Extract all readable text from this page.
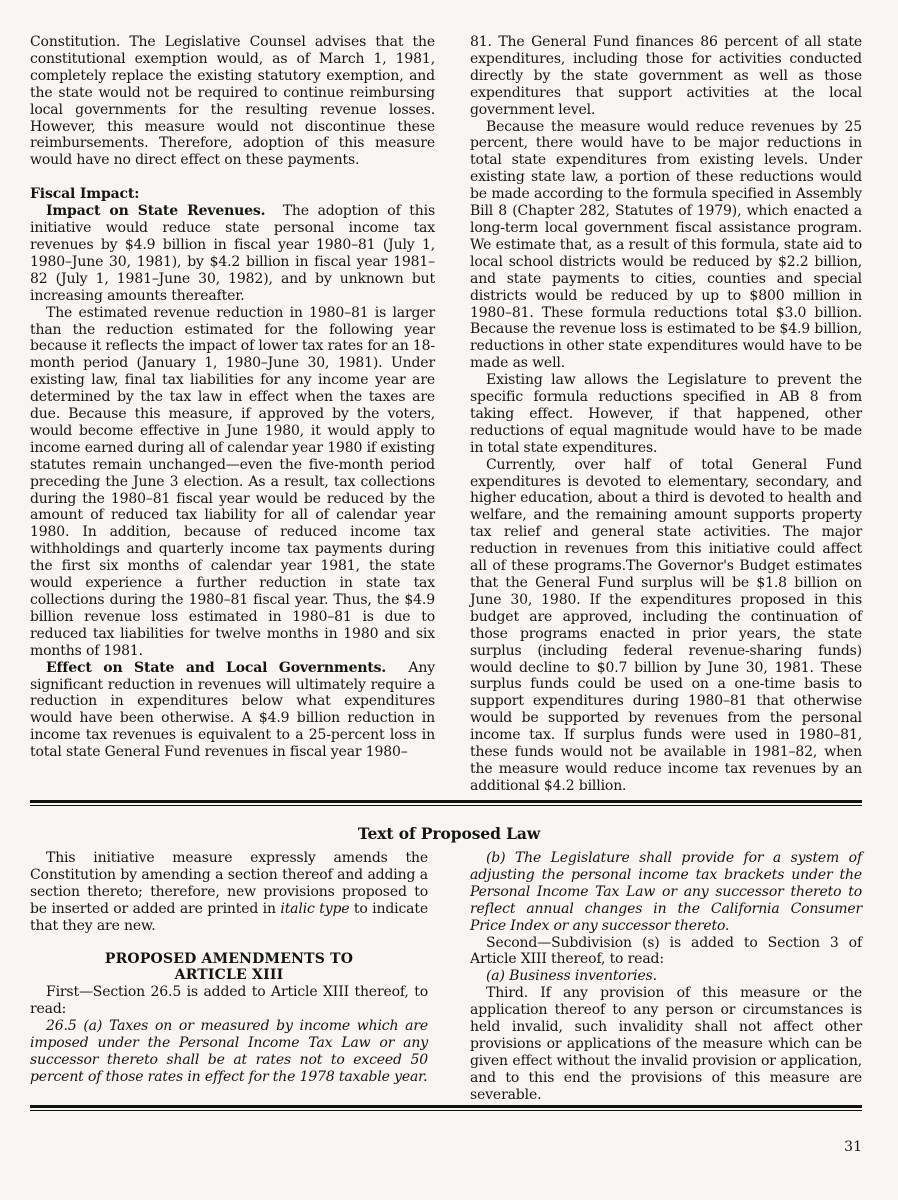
Constitution. The Legislative Counsel advises that the constitutional exemption would, as of March 1, 1981, completely replace the existing statutory exemption, and the state would not be required to continue reimbursing local governments for the resulting revenue losses. However, this measure would not discontinue these reimbursements. Therefore, adoption of this measure would have no direct effect on these payments.

Fiscal Impact:

Impact on State Revenues. The adoption of this initiative would reduce state personal income tax revenues by $4.9 billion in fiscal year 1980–81 (July 1, 1980–June 30, 1981), by $4.2 billion in fiscal year 1981–82 (July 1, 1981–June 30, 1982), and by unknown but increasing amounts thereafter.

The estimated revenue reduction in 1980–81 is larger than the reduction estimated for the following year because it reflects the impact of lower tax rates for an 18-month period (January 1, 1980–June 30, 1981). Under existing law, final tax liabilities for any income year are determined by the tax law in effect when the taxes are due. Because this measure, if approved by the voters, would become effective in June 1980, it would apply to income earned during all of calendar year 1980 if existing statutes remain unchanged—even the five-month period preceding the June 3 election. As a result, tax collections during the 1980–81 fiscal year would be reduced by the amount of reduced tax liability for all of calendar year 1980. In addition, because of reduced income tax withholdings and quarterly income tax payments during the first six months of calendar year 1981, the state would experience a further reduction in state tax collections during the 1980–81 fiscal year. Thus, the $4.9 billion revenue loss estimated in 1980–81 is due to reduced tax liabilities for twelve months in 1980 and six months of 1981.

Effect on State and Local Governments. Any significant reduction in revenues will ultimately require a reduction in expenditures below what expenditures would have been otherwise. A $4.9 billion reduction in income tax revenues is equivalent to a 25-percent loss in total state General Fund revenues in fiscal year 1980–

81. The General Fund finances 86 percent of all state expenditures, including those for activities conducted directly by the state government as well as those expenditures that support activities at the local government level.

Because the measure would reduce revenues by 25 percent, there would have to be major reductions in total state expenditures from existing levels. Under existing state law, a portion of these reductions would be made according to the formula specified in Assembly Bill 8 (Chapter 282, Statutes of 1979), which enacted a long-term local government fiscal assistance program. We estimate that, as a result of this formula, state aid to local school districts would be reduced by $2.2 billion, and state payments to cities, counties and special districts would be reduced by up to $800 million in 1980–81. These formula reductions total $3.0 billion. Because the revenue loss is estimated to be $4.9 billion, reductions in other state expenditures would have to be made as well.

Existing law allows the Legislature to prevent the specific formula reductions specified in AB 8 from taking effect. However, if that happened, other reductions of equal magnitude would have to be made in total state expenditures.

Currently, over half of total General Fund expenditures is devoted to elementary, secondary, and higher education, about a third is devoted to health and welfare, and the remaining amount supports property tax relief and general state activities. The major reduction in revenues from this initiative could affect all of these programs.The Governor's Budget estimates that the General Fund surplus will be $1.8 billion on June 30, 1980. If the expenditures proposed in this budget are approved, including the continuation of those programs enacted in prior years, the state surplus (including federal revenue-sharing funds) would decline to $0.7 billion by June 30, 1981. These surplus funds could be used on a one-time basis to support expenditures during 1980–81 that otherwise would be supported by revenues from the personal income tax. If surplus funds were used in 1980–81, these funds would not be available in 1981–82, when the measure would reduce income tax revenues by an additional $4.2 billion.

Text of Proposed Law

This initiative measure expressly amends the Constitution by amending a section thereof and adding a section thereto; therefore, new provisions proposed to be inserted or added are printed in italic type to indicate that they are new.

PROPOSED AMENDMENTS TO
ARTICLE XIII

First—Section 26.5 is added to Article XIII thereof, to read:

26.5 (a) Taxes on or measured by income which are imposed under the Personal Income Tax Law or any successor thereto shall be at rates not to exceed 50 percent of those rates in effect for the 1978 taxable year.

(b) The Legislature shall provide for a system of adjusting the personal income tax brackets under the Personal Income Tax Law or any successor thereto to reflect annual changes in the California Consumer Price Index or any successor thereto.

Second—Subdivision (s) is added to Section 3 of Article XIII thereof, to read:

(a) Business inventories.

Third. If any provision of this measure or the application thereof to any person or circumstances is held invalid, such invalidity shall not affect other provisions or applications of the measure which can be given effect without the invalid provision or application, and to this end the provisions of this measure are severable.

31
